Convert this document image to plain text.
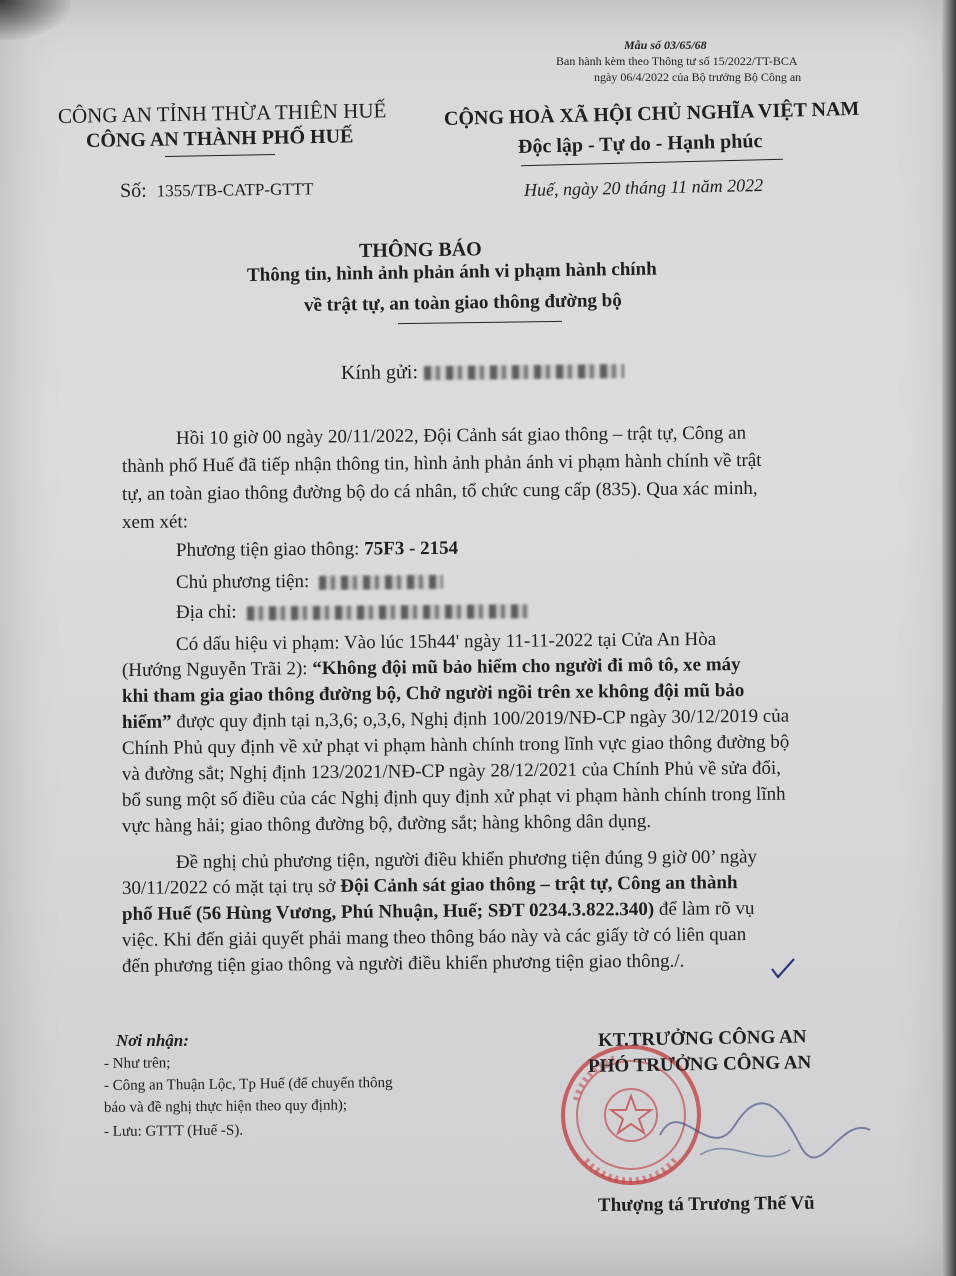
Mẫu số 03/65/68
Ban hành kèm theo Thông tư số 15/2022/TT-BCA
ngày 06/4/2022 của Bộ trưởng Bộ Công an
CÔNG AN TỈNH THỪA THIÊN HUẾ
CÔNG AN THÀNH PHỐ HUẾ
CỘNG HOÀ XÃ HỘI CHỦ NGHĨA VIỆT NAM
Độc lập - Tự do - Hạnh phúc
Số: 1355/TB-CATP-GTTT	Huế, ngày 20 tháng 11 năm 2022
THÔNG BÁO
Thông tin, hình ảnh phản ánh vi phạm hành chính
về trật tự, an toàn giao thông đường bộ
Kính gửi:
Hồi 10 giờ 00 ngày 20/11/2022, Đội Cảnh sát giao thông – trật tự, Công an
thành phố Huế đã tiếp nhận thông tin, hình ảnh phản ánh vi phạm hành chính về trật
tự, an toàn giao thông đường bộ do cá nhân, tổ chức cung cấp (835). Qua xác minh,
xem xét:
Phương tiện giao thông: 75F3 - 2154
Chủ phương tiện:
Địa chỉ:
Có dấu hiệu vi phạm: Vào lúc 15h44' ngày 11-11-2022 tại Cửa An Hòa
(Hướng Nguyễn Trãi 2): “Không đội mũ bảo hiểm cho người đi mô tô, xe máy
khi tham gia giao thông đường bộ, Chở người ngồi trên xe không đội mũ bảo
hiểm” được quy định tại n,3,6; o,3,6, Nghị định 100/2019/NĐ-CP ngày 30/12/2019 của
Chính Phủ quy định về xử phạt vi phạm hành chính trong lĩnh vực giao thông đường bộ
và đường sắt; Nghị định 123/2021/NĐ-CP ngày 28/12/2021 của Chính Phủ về sửa đổi,
bổ sung một số điều của các Nghị định quy định xử phạt vi phạm hành chính trong lĩnh
vực hàng hải; giao thông đường bộ, đường sắt; hàng không dân dụng.
Đề nghị chủ phương tiện, người điều khiển phương tiện đúng 9 giờ 00’ ngày
30/11/2022 có mặt tại trụ sở Đội Cảnh sát giao thông – trật tự, Công an thành
phố Huế (56 Hùng Vương, Phú Nhuận, Huế; SĐT 0234.3.822.340) để làm rõ vụ
việc. Khi đến giải quyết phải mang theo thông báo này và các giấy tờ có liên quan
đến phương tiện giao thông và người điều khiển phương tiện giao thông./.
Nơi nhận:
- Như trên;
- Công an Thuận Lộc, Tp Huế (để chuyển thông
báo và đề nghị thực hiện theo quy định);
- Lưu: GTTT (Huế -S).
KT.TRƯỞNG CÔNG AN
PHÓ TRƯỞNG CÔNG AN
Thượng tá Trương Thế Vũ
